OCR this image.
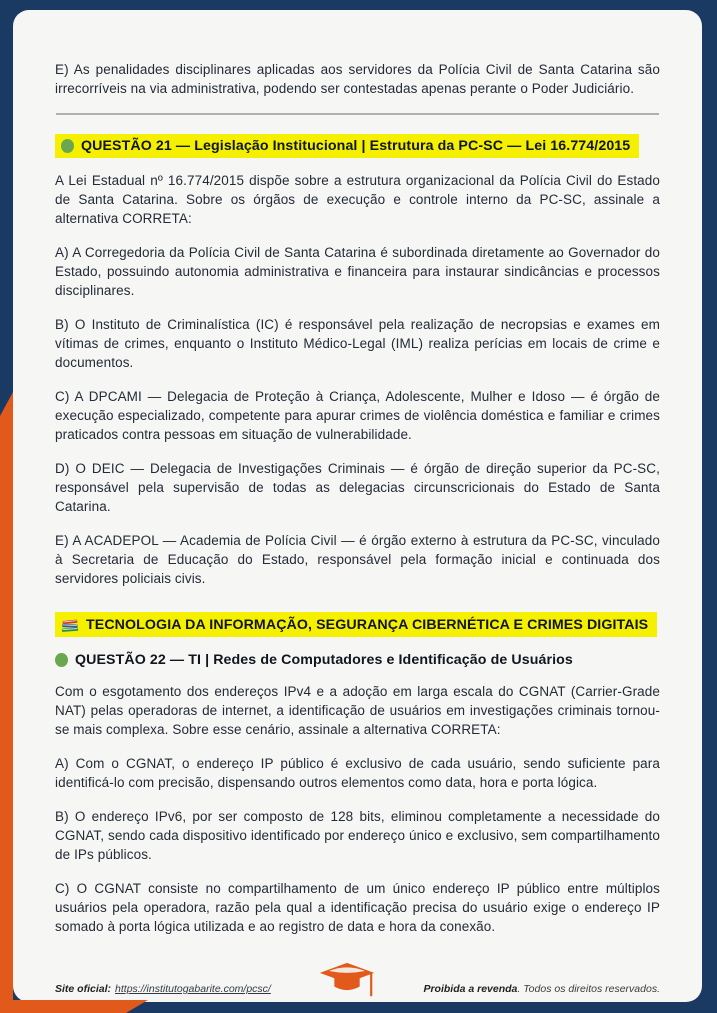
E) As penalidades disciplinares aplicadas aos servidores da Polícia Civil de Santa Catarina são irrecorríveis na via administrativa, podendo ser contestadas apenas perante o Poder Judiciário.

QUESTÃO 21 — Legislação Institucional | Estrutura da PC-SC — Lei 16.774/2015

A Lei Estadual nº 16.774/2015 dispõe sobre a estrutura organizacional da Polícia Civil do Estado de Santa Catarina. Sobre os órgãos de execução e controle interno da PC-SC, assinale a alternativa CORRETA:

A) A Corregedoria da Polícia Civil de Santa Catarina é subordinada diretamente ao Governador do Estado, possuindo autonomia administrativa e financeira para instaurar sindicâncias e processos disciplinares.

B) O Instituto de Criminalística (IC) é responsável pela realização de necropsias e exames em vítimas de crimes, enquanto o Instituto Médico-Legal (IML) realiza perícias em locais de crime e documentos.

C) A DPCAMI — Delegacia de Proteção à Criança, Adolescente, Mulher e Idoso — é órgão de execução especializado, competente para apurar crimes de violência doméstica e familiar e crimes praticados contra pessoas em situação de vulnerabilidade.

D) O DEIC — Delegacia de Investigações Criminais — é órgão de direção superior da PC-SC, responsável pela supervisão de todas as delegacias circunscricionais do Estado de Santa Catarina.

E) A ACADEPOL — Academia de Polícia Civil — é órgão externo à estrutura da PC-SC, vinculado à Secretaria de Educação do Estado, responsável pela formação inicial e continuada dos servidores policiais civis.

TECNOLOGIA DA INFORMAÇÃO, SEGURANÇA CIBERNÉTICA E CRIMES DIGITAIS
QUESTÃO 22 — TI | Redes de Computadores e Identificação de Usuários

Com o esgotamento dos endereços IPv4 e a adoção em larga escala do CGNAT (Carrier-Grade NAT) pelas operadoras de internet, a identificação de usuários em investigações criminais tornou-se mais complexa. Sobre esse cenário, assinale a alternativa CORRETA:

A) Com o CGNAT, o endereço IP público é exclusivo de cada usuário, sendo suficiente para identificá-lo com precisão, dispensando outros elementos como data, hora e porta lógica.

B) O endereço IPv6, por ser composto de 128 bits, eliminou completamente a necessidade do CGNAT, sendo cada dispositivo identificado por endereço único e exclusivo, sem compartilhamento de IPs públicos.

C) O CGNAT consiste no compartilhamento de um único endereço IP público entre múltiplos usuários pela operadora, razão pela qual a identificação precisa do usuário exige o endereço IP somado à porta lógica utilizada e ao registro de data e hora da conexão.

Site oficial: https://institutogabarite.com/pcsc/	Proibida a revenda. Todos os direitos reservados.
